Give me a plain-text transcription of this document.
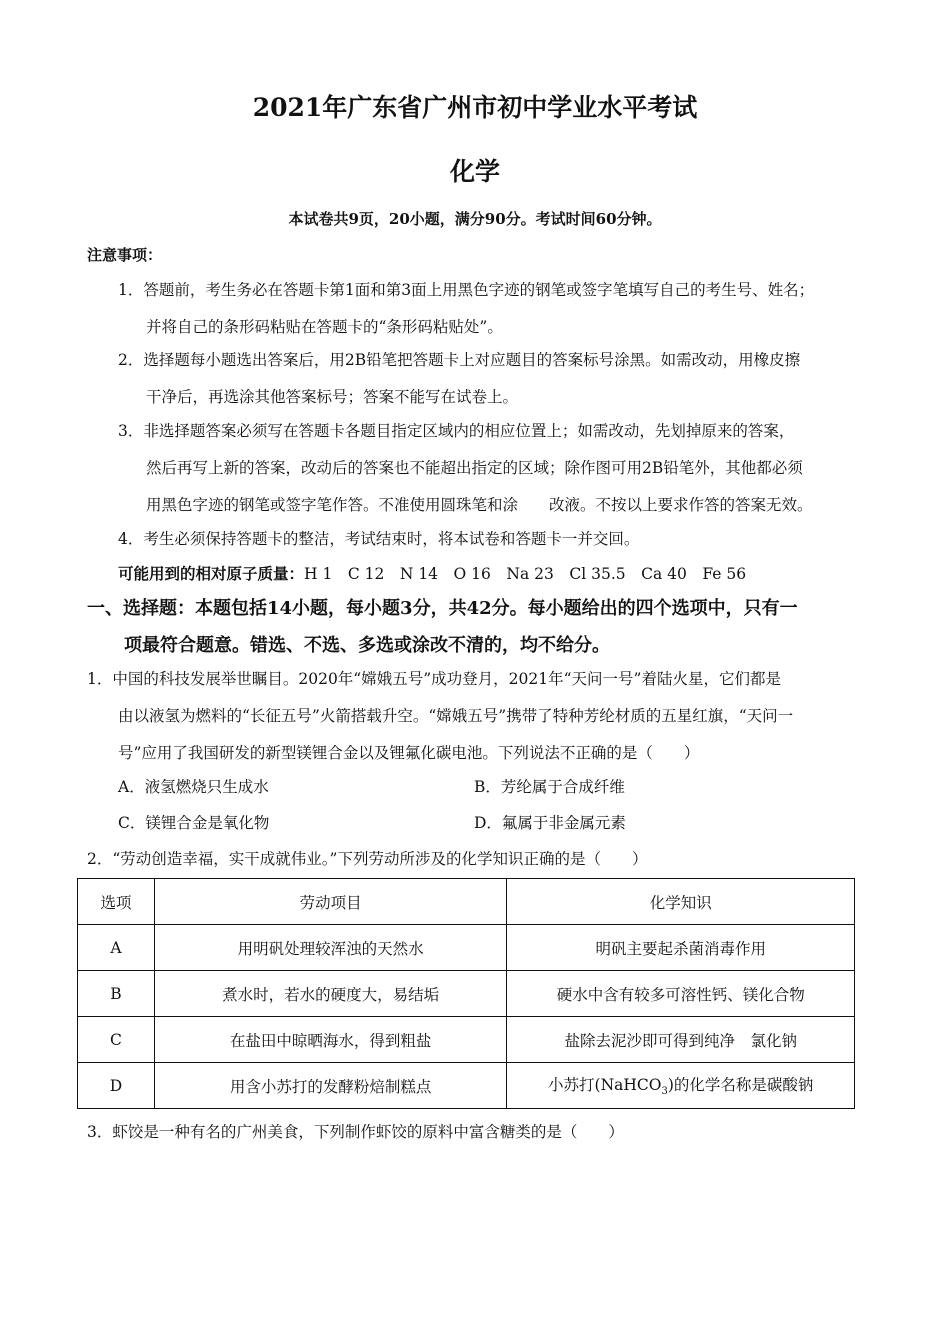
2021年广东省广州市初中学业水平考试
化学
本试卷共9页，20小题，满分90分。考试时间60分钟。
注意事项：
1．答题前，考生务必在答题卡第1面和第3面上用黑色字迹的钢笔或签字笔填写自己的考生号、姓名；
并将自己的条形码粘贴在答题卡的“条形码粘贴处”。
2．选择题每小题选出答案后，用2B铅笔把答题卡上对应题目的答案标号涂黑。如需改动，用橡皮擦
干净后，再选涂其他答案标号；答案不能写在试卷上。
3．非选择题答案必须写在答题卡各题目指定区域内的相应位置上；如需改动，先划掉原来的答案，
然后再写上新的答案，改动后的答案也不能超出指定的区域；除作图可用2B铅笔外，其他都必须
用黑色字迹的钢笔或签字笔作答。不准使用圆珠笔和涂　　改液。不按以上要求作答的答案无效。
4．考生必须保持答题卡的整洁，考试结束时，将本试卷和答题卡一并交回。
可能用到的相对原子质量：H 1　C 12　N 14　O 16　Na 23　Cl 35.5　Ca 40　Fe 56
一、选择题：本题包括14小题，每小题3分，共42分。每小题给出的四个选项中，只有一
项最符合题意。错选、不选、多选或涂改不清的，均不给分。
1．中国的科技发展举世瞩目。2020年“嫦娥五号”成功登月，2021年“天问一号”着陆火星，它们都是
由以液氢为燃料的“长征五号”火箭搭载升空。“嫦娥五号”携带了特种芳纶材质的五星红旗，“天问一
号”应用了我国研发的新型镁锂合金以及锂氟化碳电池。下列说法不正确的是（　　）
A．液氢燃烧只生成水	B．芳纶属于合成纤维
C．镁锂合金是氧化物	D．氟属于非金属元素
2．“劳动创造幸福，实干成就伟业。”下列劳动所涉及的化学知识正确的是（　　）
选项	劳动项目	化学知识
A	用明矾处理较浑浊的天然水	明矾主要起杀菌消毒作用
B	煮水时，若水的硬度大，易结垢	硬水中含有较多可溶性钙、镁化合物
C	在盐田中晾晒海水，得到粗盐	盐除去泥沙即可得到纯净　氯化钠
D	用含小苏打的发酵粉焙制糕点	小苏打(NaHCO$_3$)的化学名称是碳酸钠
3．虾饺是一种有名的广州美食，下列制作虾饺的原料中富含糖类的是（　　）
